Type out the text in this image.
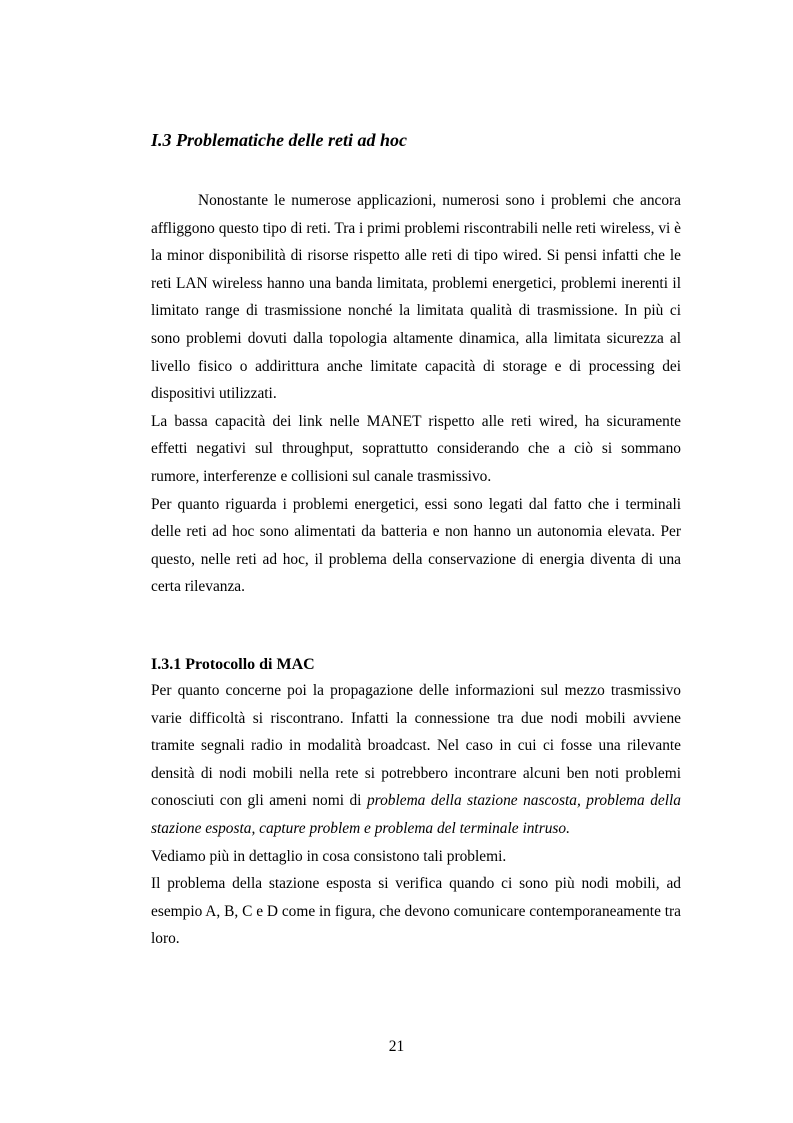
I.3 Problematiche delle reti ad hoc

Nonostante le numerose applicazioni, numerosi sono i problemi che ancora affliggono questo tipo di reti. Tra i primi problemi riscontrabili nelle reti wireless, vi è la minor disponibilità di risorse rispetto alle reti di tipo wired. Si pensi infatti che le reti LAN wireless hanno una banda limitata, problemi energetici, problemi inerenti il limitato range di trasmissione nonché la limitata qualità di trasmissione. In più ci sono problemi dovuti dalla topologia altamente dinamica, alla limitata sicurezza al livello fisico o addirittura anche limitate capacità di storage e di processing dei dispositivi utilizzati.

La bassa capacità dei link nelle MANET rispetto alle reti wired, ha sicuramente effetti negativi sul throughput, soprattutto considerando che a ciò si sommano rumore, interferenze e collisioni sul canale trasmissivo.

Per quanto riguarda i problemi energetici, essi sono legati dal fatto che i terminali delle reti ad hoc sono alimentati da batteria e non hanno un autonomia elevata. Per questo, nelle reti ad hoc, il problema della conservazione di energia diventa di una certa rilevanza.

I.3.1 Protocollo di MAC

Per quanto concerne poi la propagazione delle informazioni sul mezzo trasmissivo varie difficoltà si riscontrano. Infatti la connessione tra due nodi mobili avviene tramite segnali radio in modalità broadcast. Nel caso in cui ci fosse una rilevante densità di nodi mobili nella rete si potrebbero incontrare alcuni ben noti problemi conosciuti con gli ameni nomi di problema della stazione nascosta, problema della stazione esposta, capture problem e problema del terminale intruso.

Vediamo più in dettaglio in cosa consistono tali problemi.

Il problema della stazione esposta si verifica quando ci sono più nodi mobili, ad esempio A, B, C e D come in figura, che devono comunicare contemporaneamente tra loro.

21
